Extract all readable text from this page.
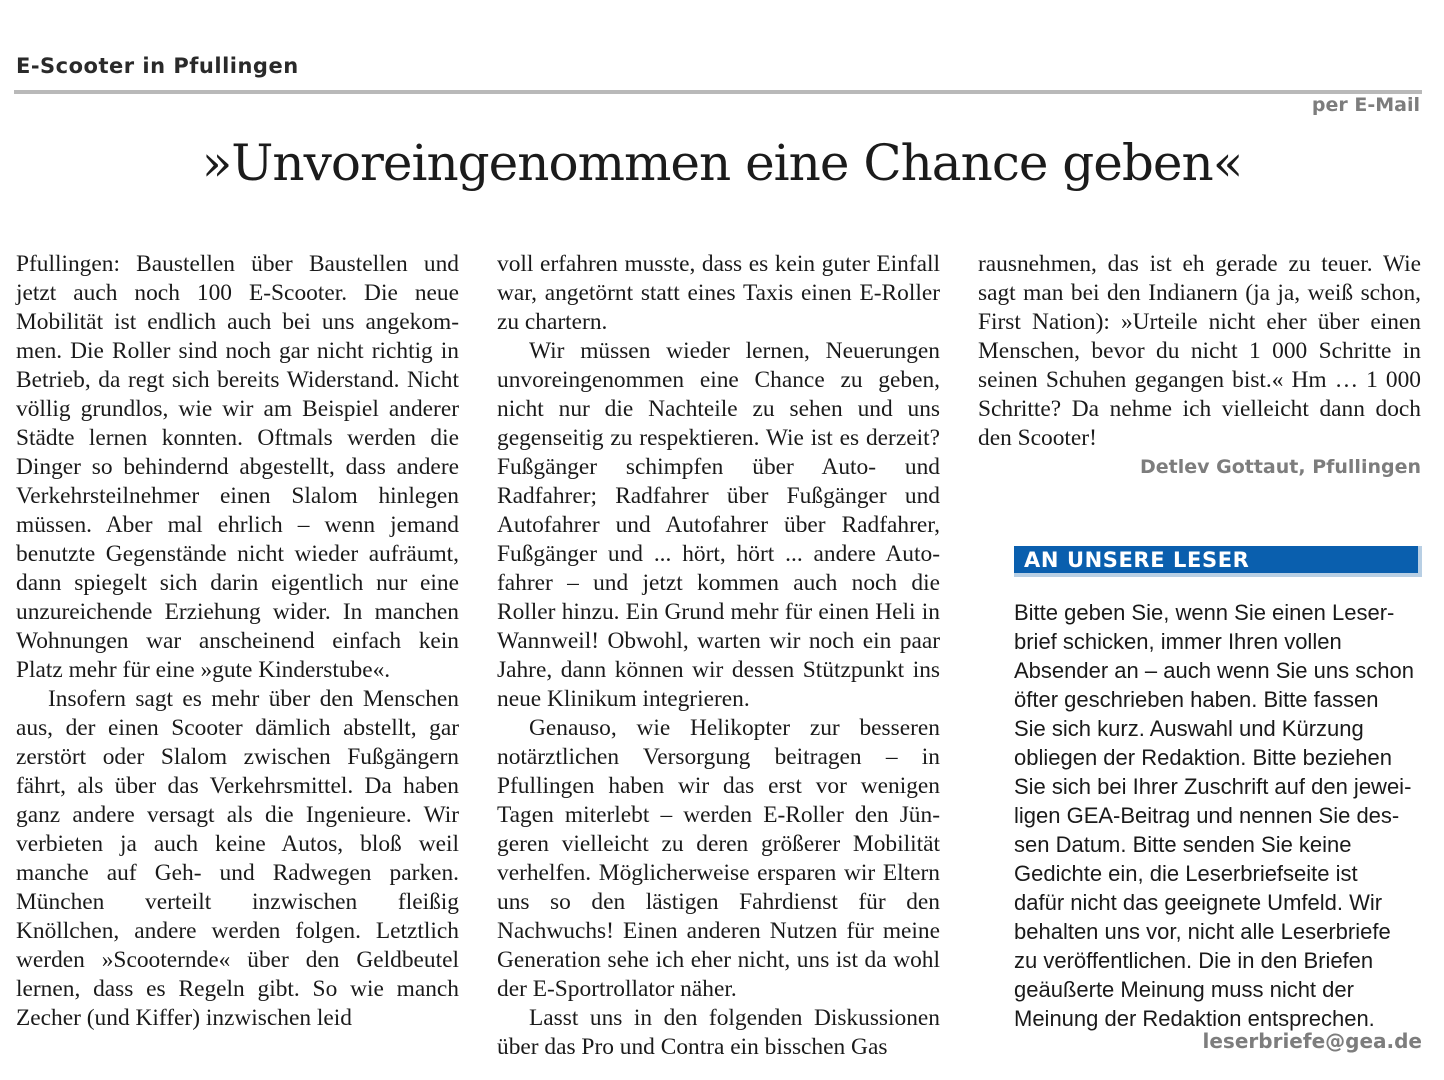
E-Scooter in Pfullingen
per E-Mail
»Unvoreingenommen eine Chance geben«

Pfullingen: Baustellen über Baustellen und jetzt auch noch 100 E-Scooter. Die neue Mobilität ist endlich auch bei uns angekommen. Die Roller sind noch gar nicht richtig in Betrieb, da regt sich bereits Widerstand. Nicht völlig grundlos, wie wir am Beispiel anderer Städte lernen konnten. Oftmals werden die Dinger so behindernd abgestellt, dass andere Verkehrsteilnehmer einen Slalom hinlegen müssen. Aber mal ehrlich – wenn jemand benutzte Gegenstände nicht wieder aufräumt, dann spiegelt sich darin eigentlich nur eine unzureichende Erziehung wider. In manchen Wohnungen war anscheinend einfach kein Platz mehr für eine »gute Kinderstube«.

Insofern sagt es mehr über den Menschen aus, der einen Scooter dämlich abstellt, gar zerstört oder Slalom zwischen Fußgängern fährt, als über das Verkehrsmittel. Da haben ganz andere versagt als die Ingenieure. Wir verbieten ja auch keine Autos, bloß weil manche auf Geh- und Radwegen parken. München verteilt inzwischen fleißig Knöllchen, andere werden folgen. Letztlich werden »Scooternde« über den Geldbeutel lernen, dass es Regeln gibt. So wie manch Zecher (und Kiffer) inzwischen leid

voll erfahren musste, dass es kein guter Einfall war, angetörnt statt eines Taxis einen E-Roller zu chartern.

Wir müssen wieder lernen, Neuerungen unvoreingenommen eine Chance zu geben, nicht nur die Nachteile zu sehen und uns gegenseitig zu respektieren. Wie ist es derzeit? Fußgänger schimpfen über Auto- und Radfahrer; Radfahrer über Fußgänger und Autofahrer und Autofahrer über Radfahrer, Fußgänger und ... hört, hört ... andere Autofahrer – und jetzt kommen auch noch die Roller hinzu. Ein Grund mehr für einen Heli in Wannweil! Obwohl, warten wir noch ein paar Jahre, dann können wir dessen Stützpunkt ins neue Klinikum integrieren.

Genauso, wie Helikopter zur besseren notärztlichen Versorgung beitragen – in Pfullingen haben wir das erst vor wenigen Tagen miterlebt – werden E-Roller den Jüngeren vielleicht zu deren größerer Mobilität verhelfen. Möglicherweise ersparen wir Eltern uns so den lästigen Fahrdienst für den Nachwuchs! Einen anderen Nutzen für meine Generation sehe ich eher nicht, uns ist da wohl der E-Sportrollator näher.

Lasst uns in den folgenden Diskussionen über das Pro und Contra ein bisschen Gas

rausnehmen, das ist eh gerade zu teuer. Wie sagt man bei den Indianern (ja ja, weiß schon, First Nation): »Urteile nicht eher über einen Menschen, bevor du nicht 1 000 Schritte in seinen Schuhen gegangen bist.« Hm … 1 000 Schritte? Da nehme ich vielleicht dann doch den Scooter!

Detlev Gottaut, Pfullingen
AN UNSERE LESER
Bitte geben Sie, wenn Sie einen Leser-
brief schicken, immer Ihren vollen
Absender an – auch wenn Sie uns schon
öfter geschrieben haben. Bitte fassen
Sie sich kurz. Auswahl und Kürzung
obliegen der Redaktion. Bitte beziehen
Sie sich bei Ihrer Zuschrift auf den jewei-
ligen GEA-Beitrag und nennen Sie des-
sen Datum. Bitte senden Sie keine
Gedichte ein, die Leserbriefseite ist
dafür nicht das geeignete Umfeld. Wir
behalten uns vor, nicht alle Leserbriefe
zu veröffentlichen. Die in den Briefen
geäußerte Meinung muss nicht der
Meinung der Redaktion entsprechen.
leserbriefe@gea.de
